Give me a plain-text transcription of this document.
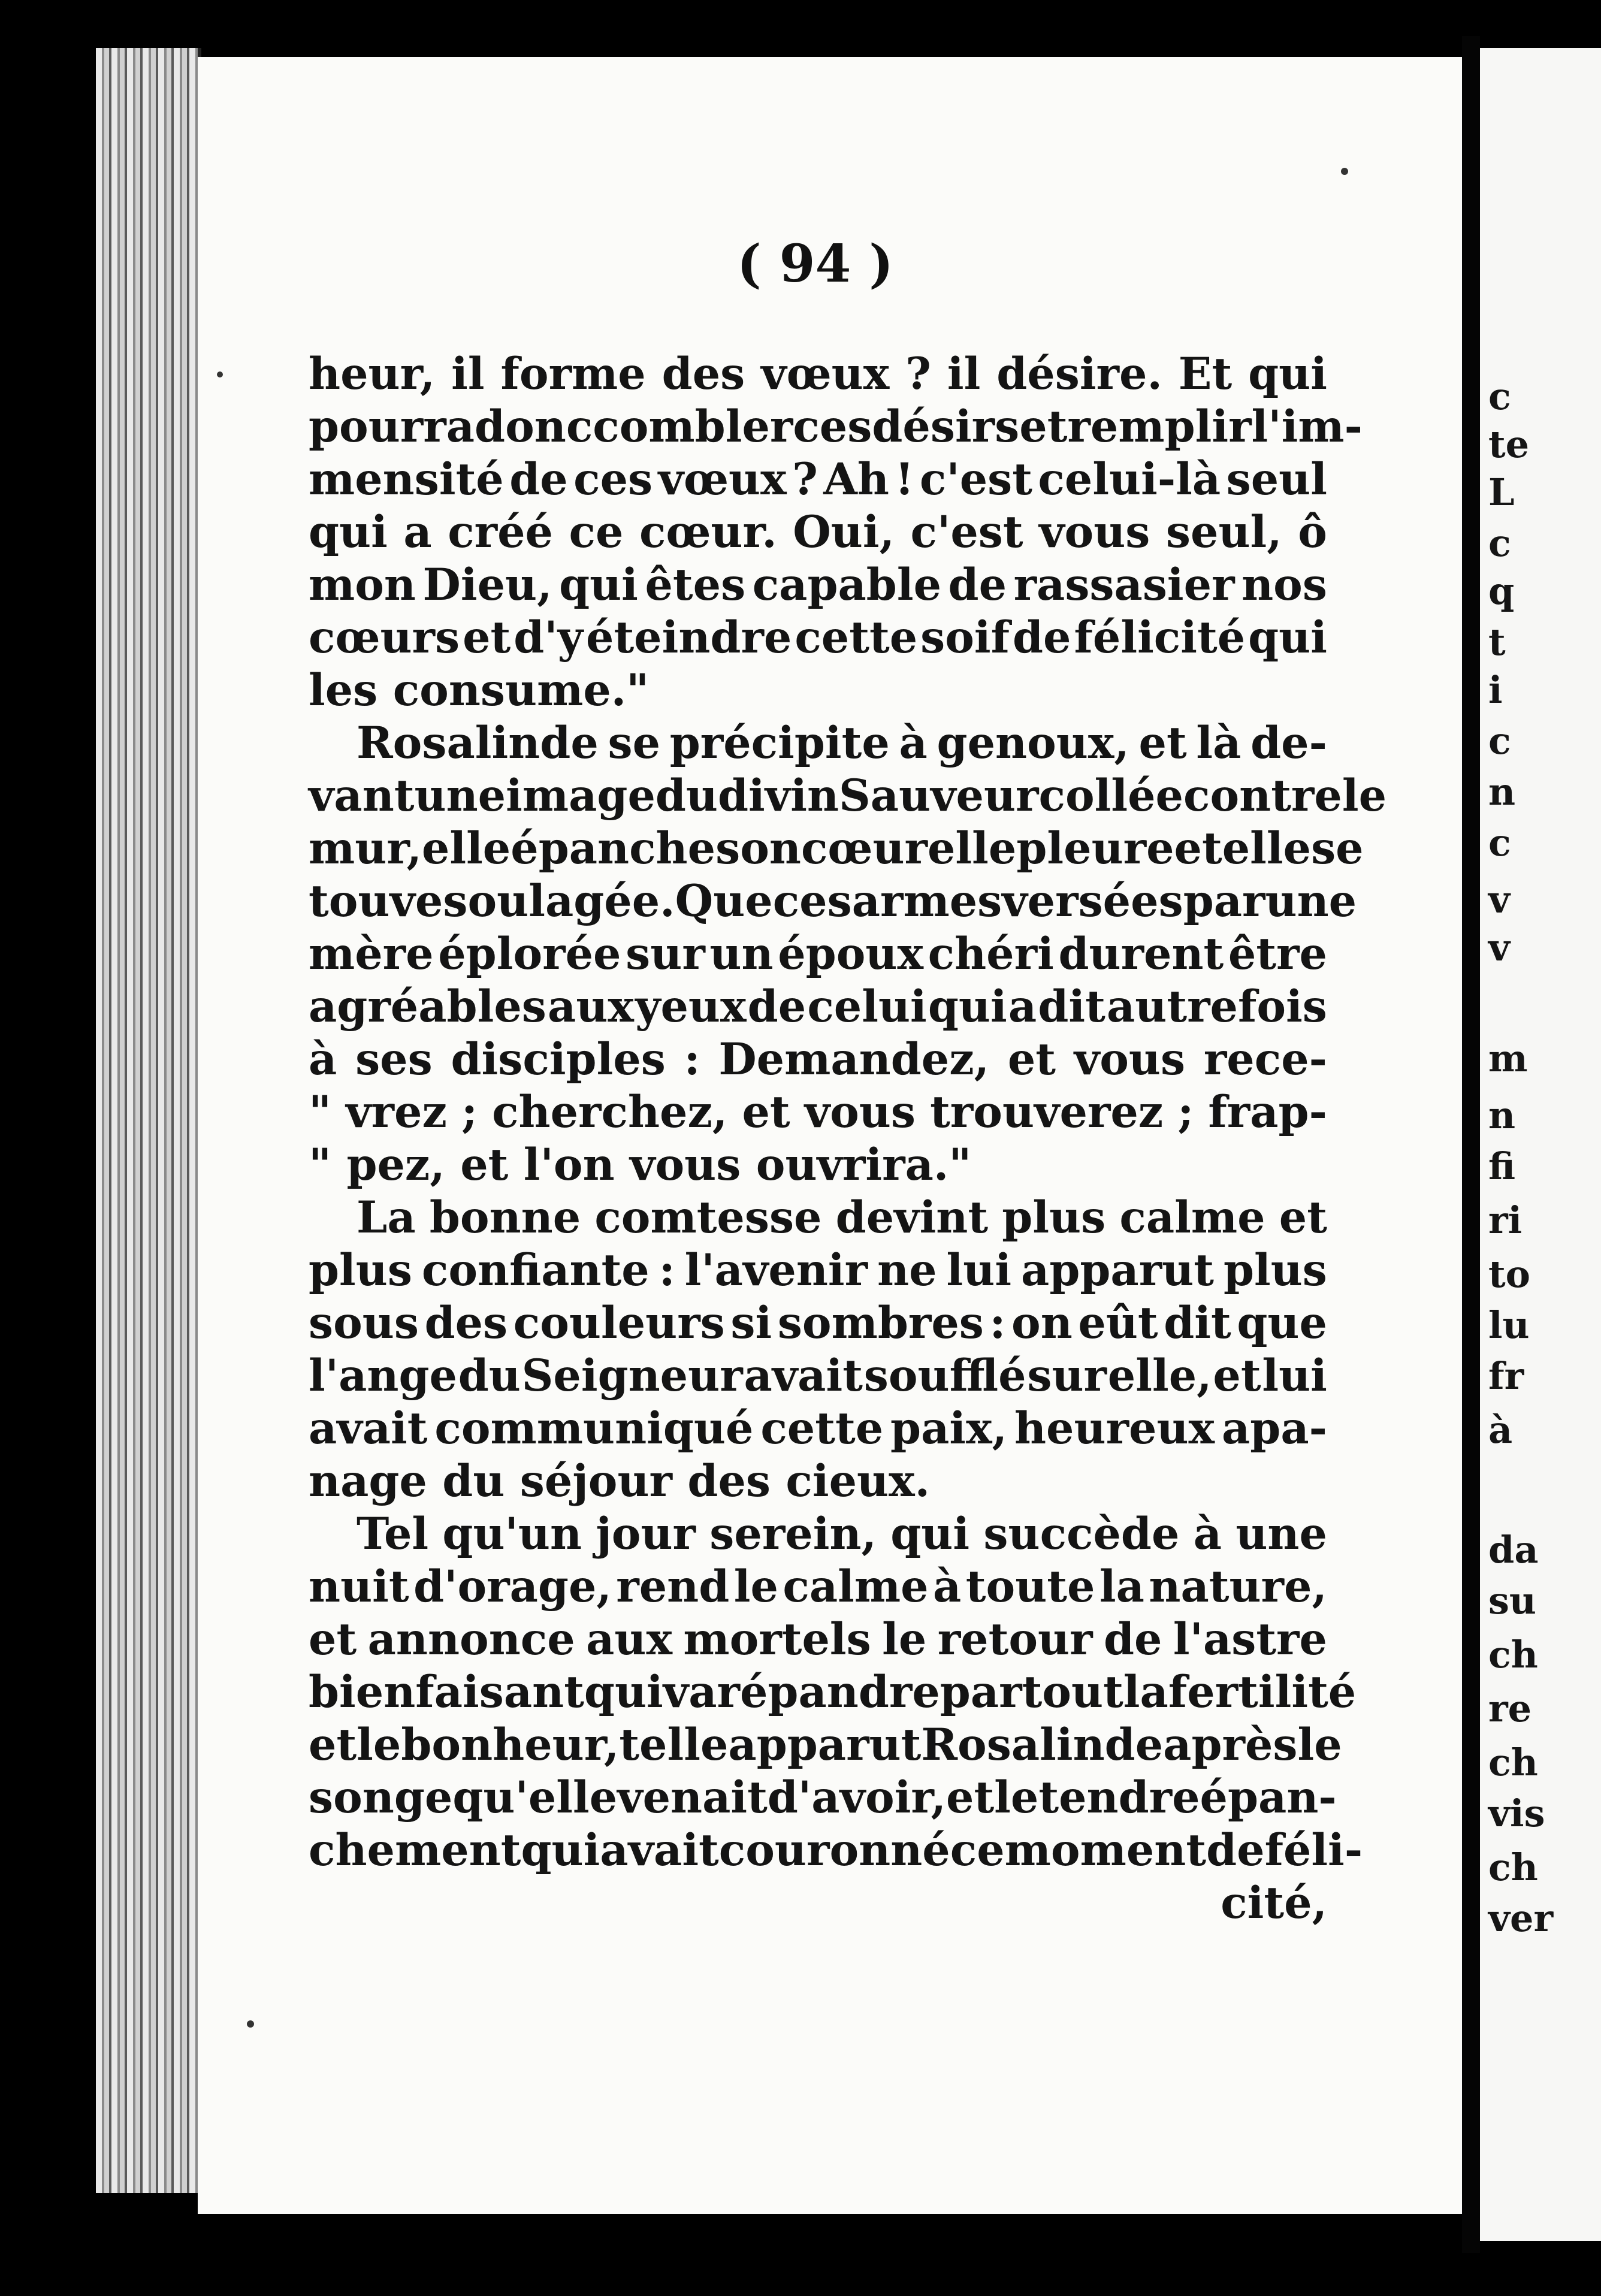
c
te
L
c
q
t
i
c
n
c
v
v
m
n
fi
ri
to
lu
fr
à
da
su
ch
re
ch
vis
ch
ver
( 94 )
heur, il forme des vœux ? il désire. Et qui
pourra donc combler ces désirs et remplir l'im-
mensité de ces vœux ? Ah ! c'est celui-là seul
qui a créé ce cœur. Oui, c'est vous seul, ô
mon Dieu, qui êtes capable de rassasier nos
cœurs et d'y éteindre cette soif de félicité qui
les consume."
Rosalinde se précipite à genoux, et là de-
vant une image du divin Sauveurcollée contre le
mur, elle épanche son cœur elle pleure et elle se
touve soulagée. Que ces armes versées par une
mère éplorée sur un époux chéri durent être
agréables aux yeux de celui qui a dit autrefois
à ses disciples : Demandez, et vous rece-
" vrez ; cherchez, et vous trouverez ; frap-
" pez, et l'on vous ouvrira."
La bonne comtesse devint plus calme et
plus confiante : l'avenir ne lui apparut plus
sous des couleurs si sombres : on eût dit que
l'ange du Seigneur avait soufflé sur elle, et lui
avait communiqué cette paix, heureux apa-
nage du séjour des cieux.
Tel qu'un jour serein, qui succède à une
nuit d'orage, rend le calme à toute la nature,
et annonce aux mortels le retour de l'astre
bienfaisant qui va répandre partout la fertilité
et le bonheur, telle apparut Rosalinde après le
songe qu'elle venait d'avoir, et le tendre épan-
chement qui avait couronné ce moment de féli-
cité,
